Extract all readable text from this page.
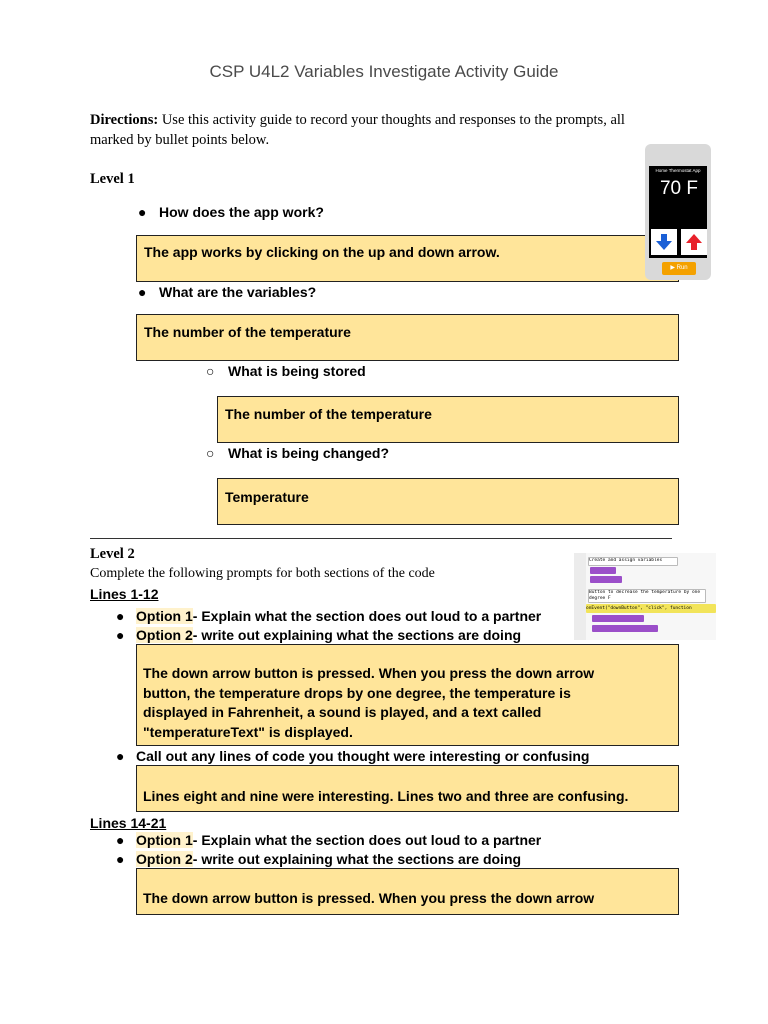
CSP U4L2 Variables Investigate Activity Guide
Directions: Use this activity guide to record your thoughts and responses to the prompts, all marked by bullet points below.
Level 1
● How does the app work?
The app works by clicking on the up and down arrow.
● What are the variables?
The number of the temperature
○ What is being stored
The number of the temperature
○ What is being changed?
Temperature
Home Thermostat App
70 F
▶ Run
Level 2
Complete the following prompts for both sections of the code
Lines 1-12
● Option 1- Explain what the section does out loud to a partner
● Option 2- write out explaining what the sections are doing
The down arrow button is pressed. When you press the down arrow
button, the temperature drops by one degree, the temperature is
displayed in Fahrenheit, a sound is played, and a text called
"temperatureText" is displayed.
● Call out any lines of code you thought were interesting or confusing
Lines eight and nine were interesting. Lines two and three are confusing.
Lines 14-21
● Option 1- Explain what the section does out loud to a partner
● Option 2- write out explaining what the sections are doing
The down arrow button is pressed. When you press the down arrow
Create and assign variables
Button to decrease the temperature by one degree F
onEvent("downButton", "click", function
